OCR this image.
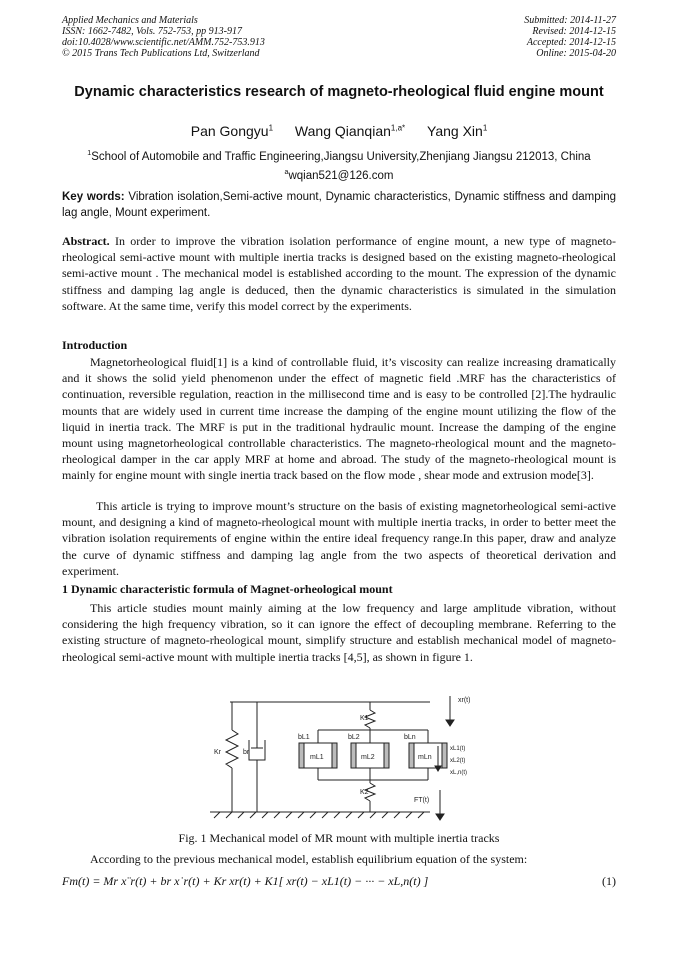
Applied Mechanics and Materials
ISSN: 1662-7482, Vols. 752-753, pp 913-917
doi:10.4028/www.scientific.net/AMM.752-753.913
© 2015 Trans Tech Publications Ltd, Switzerland
Submitted: 2014-11-27
Revised: 2014-12-15
Accepted: 2014-12-15
Online: 2015-04-20
Dynamic characteristics research of magneto-rheological fluid engine mount
Pan Gongyu$^1$ Wang Qianqian$^{1,a*}$ Yang Xin$^1$
$^1$School of Automobile and Traffic Engineering,Jiangsu University,Zhenjiang Jiangsu 212013, China
$^a$wqian521@126.com
Key words: Vibration isolation,Semi-active mount, Dynamic characteristics, Dynamic stiffness and damping lag angle, Mount experiment.
Abstract. In order to improve the vibration isolation performance of engine mount, a new type of magneto-rheological semi-active mount with multiple inertia tracks is designed based on the existing magneto-rheological semi-active mount . The mechanical model is established according to the mount. The expression of the dynamic stiffness and damping lag angle is deduced, then the dynamic characteristics is simulated in the simulation software. At the same time, verify this model correct by the experiments.
Introduction

Magnetorheological fluid[1] is a kind of controllable fluid, it’s viscosity can realize increasing dramatically and it shows the solid yield phenomenon under the effect of magnetic field .MRF has the characteristics of continuation, reversible regulation, reaction in the millisecond time and is easy to be controlled [2].The hydraulic mounts that are widely used in current time increase the damping of the engine mount utilizing the flow of the liquid in inertia track. The MRF is put in the traditional hydraulic mount. Increase the damping of the engine mount using magnetorheological controllable characteristics. The magneto-rheological mount and the magneto-rheological damper in the car apply MRF at home and abroad. The study of the magneto-rheological mount is mainly for engine mount with single inertia track based on the flow mode , shear mode and extrusion mode[3].

This article is trying to improve mount’s structure on the basis of existing magnetorheological semi-active mount, and designing a kind of magneto-rheological mount with multiple inertia tracks, in order to better meet the vibration isolation requirements of engine within the entire ideal frequency range.In this paper, draw and analyze the curve of dynamic stiffness and damping lag angle from the two aspects of theoretical derivation and experiment.

1 Dynamic characteristic formula of Magnet-orheological mount

This article studies mount mainly aiming at the low frequency and large amplitude vibration, without considering the high frequency vibration, so it can ignore the effect of decoupling membrane. Referring to the existing structure of magneto-rheological mount, simplify structure and establish mechanical model of magneto-rheological semi-active mount with multiple inertia tracks [4,5], as shown in figure 1.

xr(t)
K1
Kr	br
K2
FT(t)
bL1	bL2	bLn
mL1	mL2	mLn
xL1(t)
xL2(t)
xL,n(t)
Fig. 1 Mechanical model of MR mount with multiple inertia tracks
According to the previous mechanical model, establish equilibrium equation of the system:
Fm(t) = Mr x¨r(t) + br x˙r(t) + Kr xr(t) + K1[ xr(t) − xL1(t) − ··· − xL,n(t) ]	(1)
